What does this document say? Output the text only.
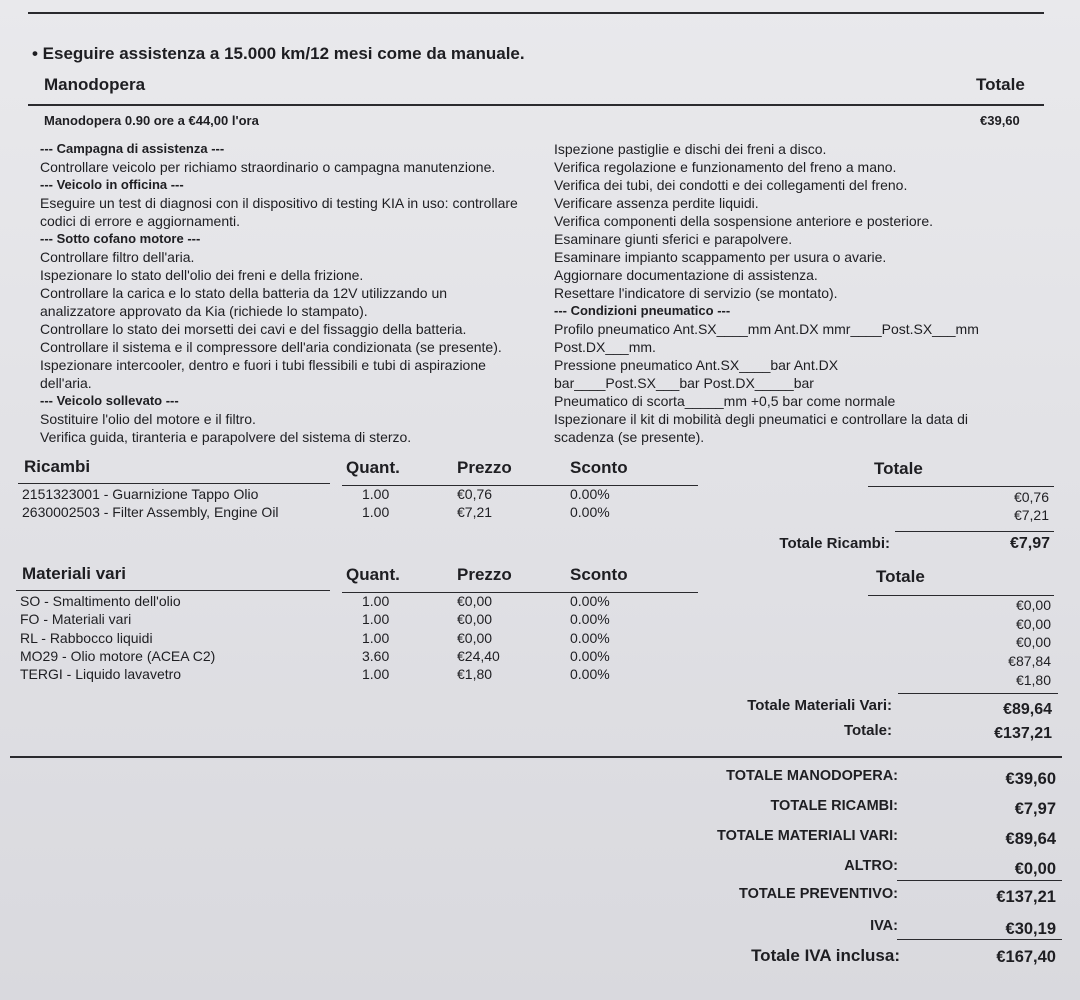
• Eseguire assistenza a 15.000 km/12 mesi come da manuale.
Manodopera	Totale
Manodopera 0.90 ore a €44,00 l'ora	€39,60
--- Campagna di assistenza ---
Controllare veicolo per richiamo straordinario o campagna manutenzione.
--- Veicolo in officina ---
Eseguire un test di diagnosi con il dispositivo di testing KIA in uso: controllare
codici di errore e aggiornamenti.
--- Sotto cofano motore ---
Controllare filtro dell'aria.
Ispezionare lo stato dell'olio dei freni e della frizione.
Controllare la carica e lo stato della batteria da 12V utilizzando un
analizzatore approvato da Kia (richiede lo stampato).
Controllare lo stato dei morsetti dei cavi e del fissaggio della batteria.
Controllare il sistema e il compressore dell'aria condizionata (se presente).
Ispezionare intercooler, dentro e fuori i tubi flessibili e tubi di aspirazione
dell'aria.
--- Veicolo sollevato ---
Sostituire l'olio del motore e il filtro.
Verifica guida, tiranteria e parapolvere del sistema di sterzo.
Ispezione pastiglie e dischi dei freni a disco.
Verifica regolazione e funzionamento del freno a mano.
Verifica dei tubi, dei condotti e dei collegamenti del freno.
Verificare assenza perdite liquidi.
Verifica componenti della sospensione anteriore e posteriore.
Esaminare giunti sferici e parapolvere.
Esaminare impianto scappamento per usura o avarie.
Aggiornare documentazione di assistenza.
Resettare l'indicatore di servizio (se montato).
--- Condizioni pneumatico ---
Profilo pneumatico Ant.SX____mm Ant.DX mmr____Post.SX___mm
Post.DX___mm.
Pressione pneumatico Ant.SX____bar Ant.DX
bar____Post.SX___bar Post.DX_____bar
Pneumatico di scorta_____mm +0,5 bar come normale
Ispezionare il kit di mobilità degli pneumatici e controllare la data di
scadenza (se presente).
Ricambi	Quant.	Prezzo	Sconto	Totale
2151323001 - Guarnizione Tappo Olio	1.00	€0,76	0.00%	€0,76
2630002503 - Filter Assembly, Engine Oil	1.00	€7,21	0.00%	€7,21
Totale Ricambi:	€7,97
Materiali vari	Quant.	Prezzo	Sconto	Totale
SO - Smaltimento dell'olio	1.00	€0,00	0.00%	€0,00
FO - Materiali vari	1.00	€0,00	0.00%	€0,00
RL - Rabbocco liquidi	1.00	€0,00	0.00%	€0,00
MO29 - Olio motore (ACEA C2)	3.60	€24,40	0.00%	€87,84
TERGI - Liquido lavavetro	1.00	€1,80	0.00%	€1,80
Totale Materiali Vari:	€89,64
Totale:	€137,21
TOTALE MANODOPERA:	€39,60
TOTALE RICAMBI:	€7,97
TOTALE MATERIALI VARI:	€89,64
ALTRO:	€0,00
TOTALE PREVENTIVO:	€137,21
IVA:	€30,19
Totale IVA inclusa:	€167,40
